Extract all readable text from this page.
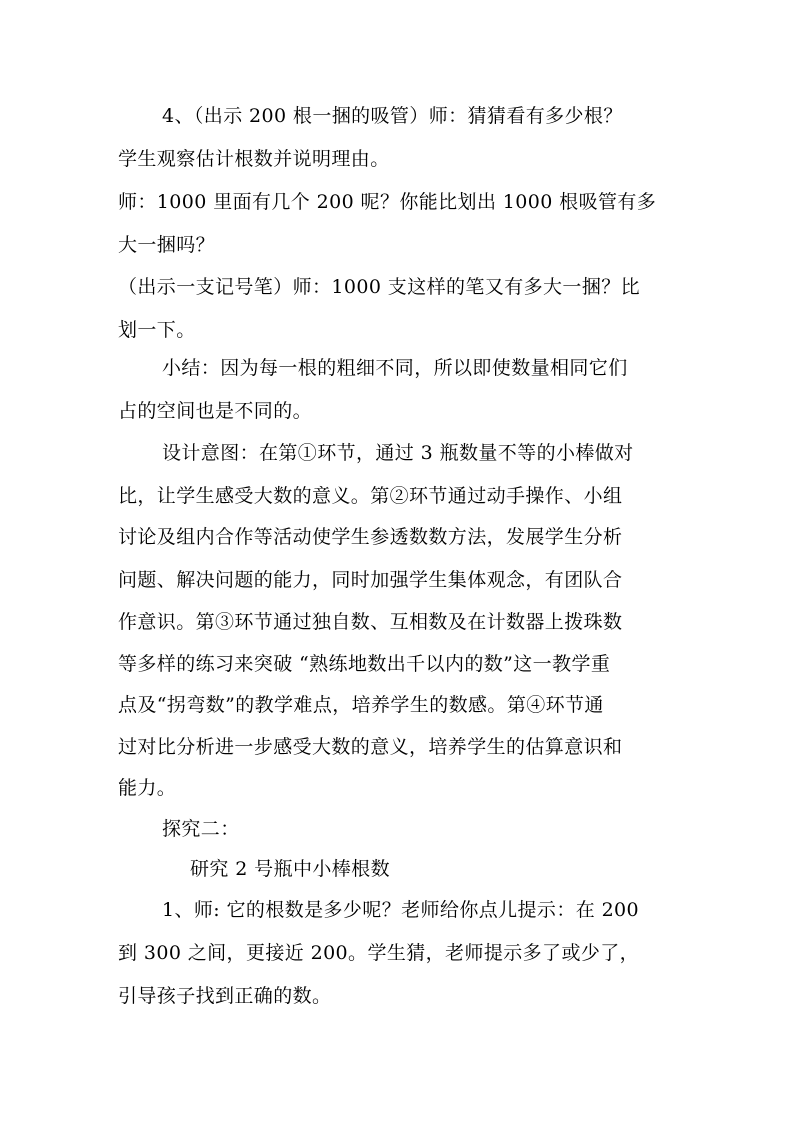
4、（出示 200 根一捆的吸管）师：猜猜看有多少根？
学生观察估计根数并说明理由。
师：1000 里面有几个 200 呢？你能比划出 1000 根吸管有多
大一捆吗？
（出示一支记号笔）师：1000 支这样的笔又有多大一捆？比
划一下。
小结：因为每一根的粗细不同，所以即使数量相同它们
占的空间也是不同的。
设计意图：在第①环节，通过 3 瓶数量不等的小棒做对
比，让学生感受大数的意义。第②环节通过动手操作、小组
讨论及组内合作等活动使学生参透数数方法，发展学生分析
问题、解决问题的能力，同时加强学生集体观念，有团队合
作意识。第③环节通过独自数、互相数及在计数器上拨珠数
等多样的练习来突破 “熟练地数出千以内的数”这一教学重
点及“拐弯数”的教学难点，培养学生的数感。第④环节通
过对比分析进一步感受大数的意义，培养学生的估算意识和
能力。
探究二：
研究 2 号瓶中小棒根数
1、师: 它的根数是多少呢？老师给你点儿提示：在 200
到 300 之间，更接近 200。学生猜，老师提示多了或少了，
引导孩子找到正确的数。
